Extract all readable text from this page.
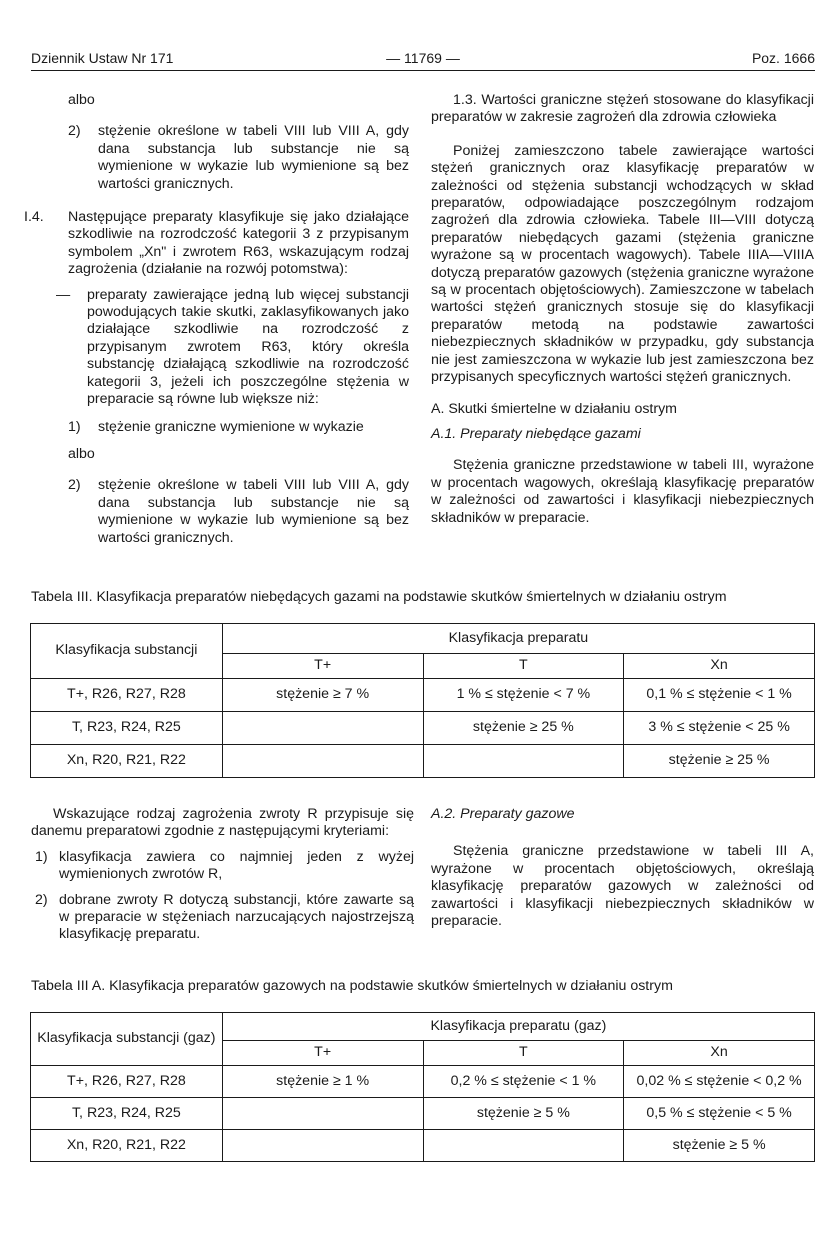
Dziennik Ustaw Nr 171	— 11769 —	Poz. 1666

albo

2)	stężenie określone w tabeli VIII lub VIII A, gdy dana substancja lub substancje nie są wymienione w wykazie lub wymienione są bez wartości granicznych.
I.4.	Następujące preparaty klasyfikuje się jako działające szkodliwie na rozrodczość kategorii 3 z przypisanym symbolem „Xn" i zwrotem R63, wskazującym rodzaj zagrożenia (działanie na rozwój potomstwa):
—	preparaty zawierające jedną lub więcej substancji powodujących takie skutki, zaklasyfikowanych jako działające szkodliwie na rozrodczość z przypisanym zwrotem R63, który określa substancję działającą szkodliwie na rozrodczość kategorii 3, jeżeli ich poszczególne stężenia w preparacie są równe lub większe niż:
1)	stężenie graniczne wymienione w wykazie

albo

2)	stężenie określone w tabeli VIII lub VIII A, gdy dana substancja lub substancje nie są wymienione w wykazie lub wymienione są bez wartości granicznych.

1.3. Wartości graniczne stężeń stosowane do klasyfikacji preparatów w zakresie zagrożeń dla zdrowia człowieka

Poniżej zamieszczono tabele zawierające wartości stężeń granicznych oraz klasyfikację preparatów w zależności od stężenia substancji wchodzących w skład preparatów, odpowiadające poszczególnym rodzajom zagrożeń dla zdrowia człowieka. Tabele III—VIII dotyczą preparatów niebędących gazami (stężenia graniczne wyrażone są w procentach wagowych). Tabele IIIA—VIIIA dotyczą preparatów gazowych (stężenia graniczne wyrażone są w procentach objętościowych). Zamieszczone w tabelach wartości stężeń granicznych stosuje się do klasyfikacji preparatów metodą na podstawie zawartości niebezpiecznych składników w przypadku, gdy substancja nie jest zamieszczona w wykazie lub jest zamieszczona bez przypisanych specyficznych wartości stężeń granicznych.

A. Skutki śmiertelne w działaniu ostrym

A.1. Preparaty niebędące gazami

Stężenia graniczne przedstawione w tabeli III, wyrażone w procentach wagowych, określają klasyfikację preparatów w zależności od zawartości i klasyfikacji niebezpiecznych składników w preparacie.

Tabela III. Klasyfikacja preparatów niebędących gazami na podstawie skutków śmiertelnych w działaniu ostrym
Klasyfikacja substancji	Klasyfikacja preparatu		
	T+	T	Xn
T+, R26, R27, R28	stężenie ≥ 7 %	1 % ≤ stężenie < 7 %	0,1 % ≤ stężenie < 1 %
T, R23, R24, R25		stężenie ≥ 25 %	3 % ≤ stężenie < 25 %
Xn, R20, R21, R22			stężenie ≥ 25 %

Wskazujące rodzaj zagrożenia zwroty R przypisuje się danemu preparatowi zgodnie z następującymi kryteriami:

1) klasyfikacja zawiera co najmniej jeden z wyżej wymienionych zwrotów R,
2) dobrane zwroty R dotyczą substancji, które zawarte są w preparacie w stężeniach narzucających najostrzejszą klasyfikację preparatu.

A.2. Preparaty gazowe

Stężenia graniczne przedstawione w tabeli III A, wyrażone w procentach objętościowych, określają klasyfikację preparatów gazowych w zależności od zawartości i klasyfikacji niebezpiecznych składników w preparacie.

Tabela III A. Klasyfikacja preparatów gazowych na podstawie skutków śmiertelnych w działaniu ostrym
Klasyfikacja substancji (gaz)	Klasyfikacja preparatu (gaz)		
	T+	T	Xn
T+, R26, R27, R28	stężenie ≥ 1 %	0,2 % ≤ stężenie < 1 %	0,02 % ≤ stężenie < 0,2 %
T, R23, R24, R25		stężenie ≥ 5 %	0,5 % ≤ stężenie < 5 %
Xn, R20, R21, R22			stężenie ≥ 5 %
